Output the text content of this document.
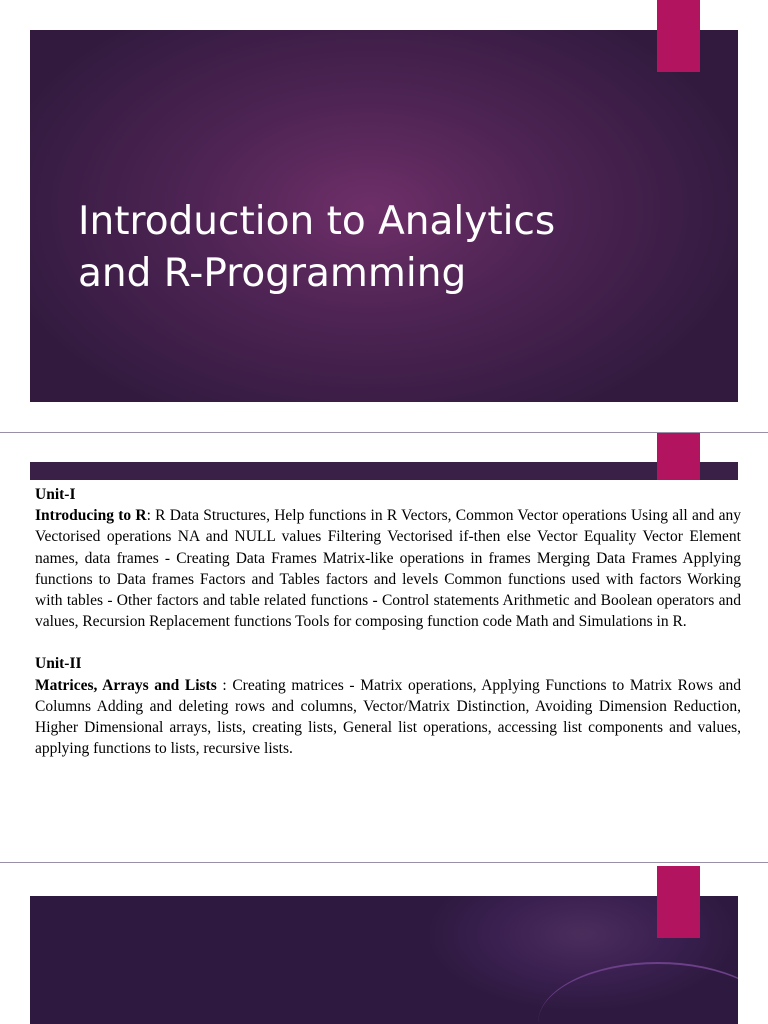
Introduction to Analytics
and R-Programming

Unit-I

Introducing to R: R Data Structures, Help functions in R Vectors, Common Vector operations Using all and any Vectorised operations NA and NULL values Filtering Vectorised if-then else Vector Equality Vector Element names, data frames - Creating Data Frames Matrix-like operations in frames Merging Data Frames Applying functions to Data frames Factors and Tables factors and levels Common functions used with factors Working with tables - Other factors and table related functions - Control statements Arithmetic and Boolean operators and values, Recursion Replacement functions Tools for composing function code Math and Simulations in R.

Unit-II

Matrices, Arrays and Lists : Creating matrices - Matrix operations, Applying Functions to Matrix Rows and Columns Adding and deleting rows and columns, Vector/Matrix Distinction, Avoiding Dimension Reduction, Higher Dimensional arrays, lists, creating lists, General list operations, accessing list components and values, applying functions to lists, recursive lists.
